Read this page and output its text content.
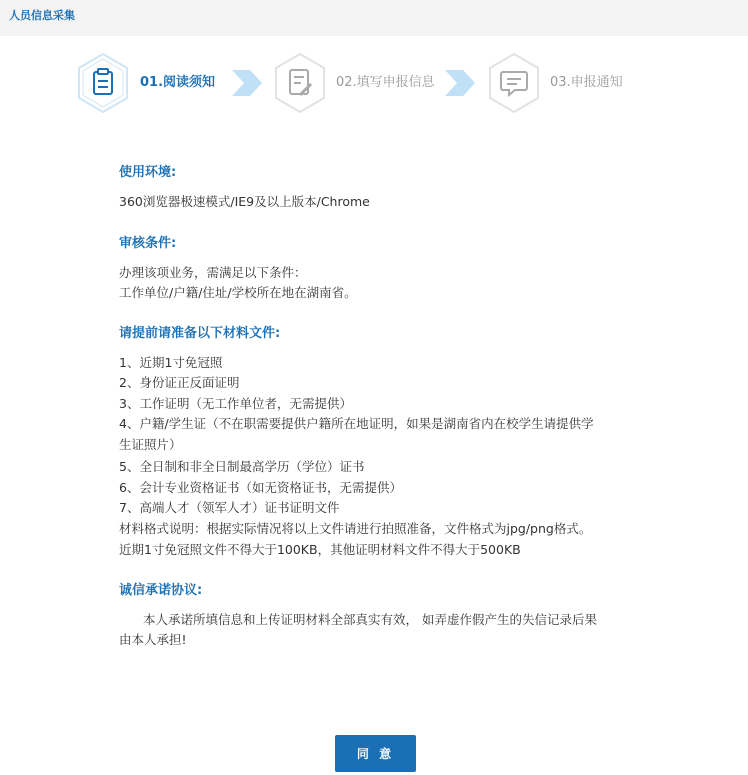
人员信息采集
01.阅读须知	02.填写申报信息	03.申报通知
使用环境:
360浏览器极速模式/IE9及以上版本/Chrome
审核条件:
办理该项业务，需满足以下条件：
工作单位/户籍/住址/学校所在地在湖南省。
请提前请准备以下材料文件:
1、近期1寸免冠照
2、身份证正反面证明
3、工作证明（无工作单位者，无需提供）
4、户籍/学生证（不在职需要提供户籍所在地证明，如果是湖南省内在校学生请提供学
生证照片）
5、全日制和非全日制最高学历（学位）证书
6、会计专业资格证书（如无资格证书，无需提供）
7、高端人才（领军人才）证书证明文件
材料格式说明：根据实际情况将以上文件请进行拍照准备，文件格式为jpg/png格式。
近期1寸免冠照文件不得大于100KB，其他证明材料文件不得大于500KB
诚信承诺协议:
本人承诺所填信息和上传证明材料全部真实有效， 如弄虚作假产生的失信记录后果
由本人承担!
同 意
